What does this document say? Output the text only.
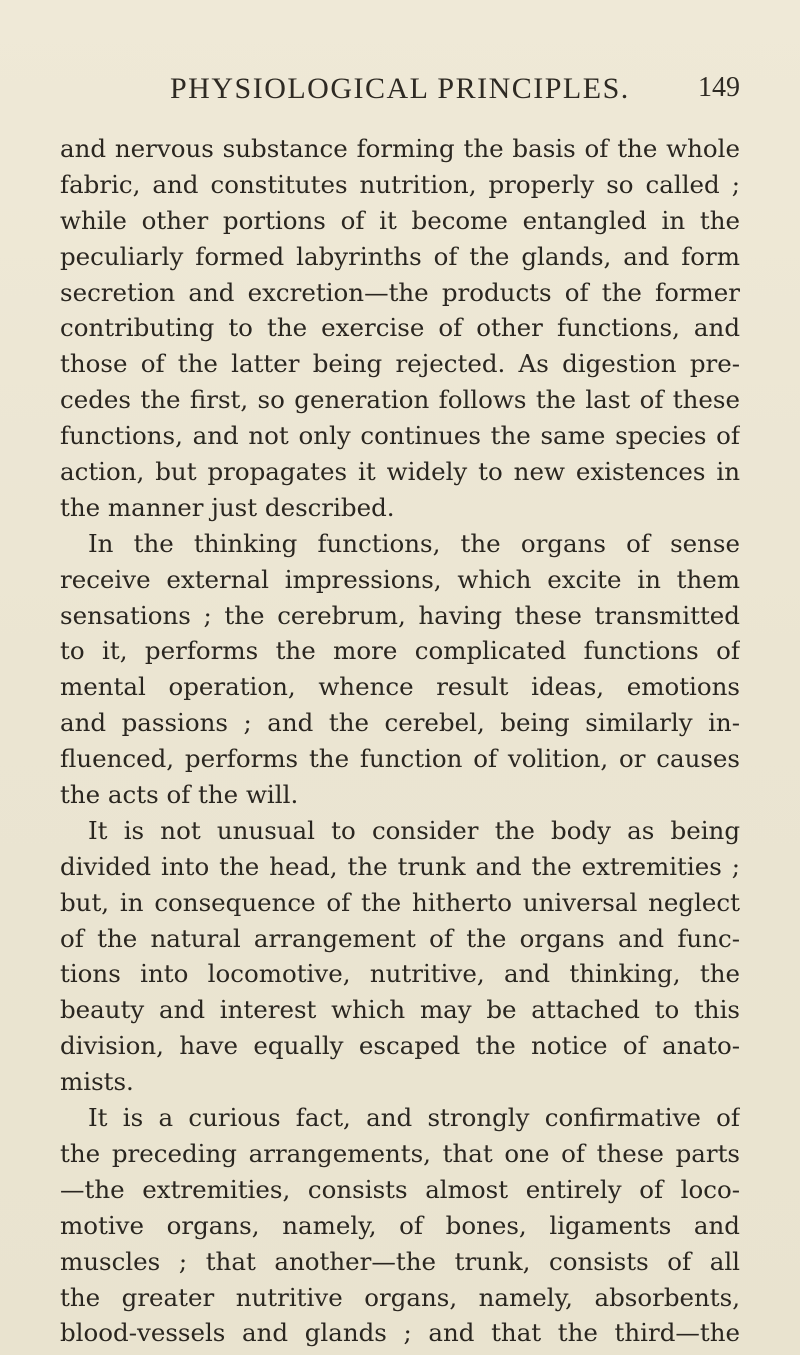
PHYSIOLOGICAL PRINCIPLES. 149
and nervous substance forming the basis of the whole
fabric, and constitutes nutrition, properly so called ;
while other portions of it become entangled in the
peculiarly formed labyrinths of the glands, and form
secretion and excretion—the products of the former
contributing to the exercise of other functions, and
those of the latter being rejected. As digestion pre-
cedes the first, so generation follows the last of these
functions, and not only continues the same species of
action, but propagates it widely to new existences in
the manner just described.
In the thinking functions, the organs of sense
receive external impressions, which excite in them
sensations ; the cerebrum, having these transmitted
to it, performs the more complicated functions of
mental operation, whence result ideas, emotions
and passions ; and the cerebel, being similarly in-
fluenced, performs the function of volition, or causes
the acts of the will.
It is not unusual to consider the body as being
divided into the head, the trunk and the extremities ;
but, in consequence of the hitherto universal neglect
of the natural arrangement of the organs and func-
tions into locomotive, nutritive, and thinking, the
beauty and interest which may be attached to this
division, have equally escaped the notice of anato-
mists.
It is a curious fact, and strongly confirmative of
the preceding arrangements, that one of these parts
—the extremities, consists almost entirely of loco-
motive organs, namely, of bones, ligaments and
muscles ; that another—the trunk, consists of all
the greater nutritive organs, namely, absorbents,
blood-vessels and glands ; and that the third—the
